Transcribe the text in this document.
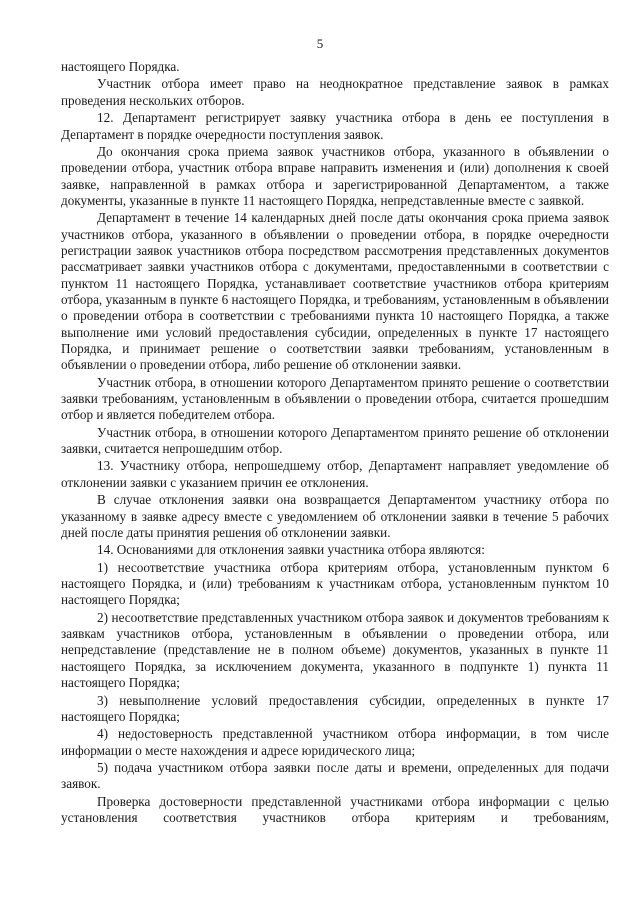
5

настоящего Порядка.

Участник отбора имеет право на неоднократное представление заявок в рамках проведения нескольких отборов.

12. Департамент регистрирует заявку участника отбора в день ее поступления в Департамент в порядке очередности поступления заявок.

До окончания срока приема заявок участников отбора, указанного в объявлении о проведении отбора, участник отбора вправе направить изменения и (или) дополнения к своей заявке, направленной в рамках отбора и зарегистрированной Департаментом, а также документы, указанные в пункте 11 настоящего Порядка, непредставленные вместе с заявкой.

Департамент в течение 14 календарных дней после даты окончания срока приема заявок участников отбора, указанного в объявлении о проведении отбора, в порядке очередности регистрации заявок участников отбора посредством рассмотрения представленных документов рассматривает заявки участников отбора с документами, предоставленными в соответствии с пунктом 11 настоящего Порядка, устанавливает соответствие участников отбора критериям отбора, указанным в пункте 6 настоящего Порядка, и требованиям, установленным в объявлении о проведении отбора в соответствии с требованиями пункта 10 настоящего Порядка, а также выполнение ими условий предоставления субсидии, определенных в пункте 17 настоящего Порядка, и принимает решение о соответствии заявки требованиям, установленным в объявлении о проведении отбора, либо решение об отклонении заявки.

Участник отбора, в отношении которого Департаментом принято решение о соответствии заявки требованиям, установленным в объявлении о проведении отбора, считается прошедшим отбор и является победителем отбора.

Участник отбора, в отношении которого Департаментом принято решение об отклонении заявки, считается непрошедшим отбор.

13. Участнику отбора, непрошедшему отбор, Департамент направляет уведомление об отклонении заявки с указанием причин ее отклонения.

В случае отклонения заявки она возвращается Департаментом участнику отбора по указанному в заявке адресу вместе с уведомлением об отклонении заявки в течение 5 рабочих дней после даты принятия решения об отклонении заявки.

14. Основаниями для отклонения заявки участника отбора являются:

1) несоответствие участника отбора критериям отбора, установленным пунктом 6 настоящего Порядка, и (или) требованиям к участникам отбора, установленным пунктом 10 настоящего Порядка;

2) несоответствие представленных участником отбора заявок и документов требованиям к заявкам участников отбора, установленным в объявлении о проведении отбора, или непредставление (представление не в полном объеме) документов, указанных в пункте 11 настоящего Порядка, за исключением документа, указанного в подпункте 1) пункта 11 настоящего Порядка;

3) невыполнение условий предоставления субсидии, определенных в пункте 17 настоящего Порядка;

4) недостоверность представленной участником отбора информации, в том числе информации о месте нахождения и адресе юридического лица;

5) подача участником отбора заявки после даты и времени, определенных для подачи заявок.

Проверка достоверности представленной участниками отбора информации с целью установления соответствия участников отбора критериям и требованиям,
